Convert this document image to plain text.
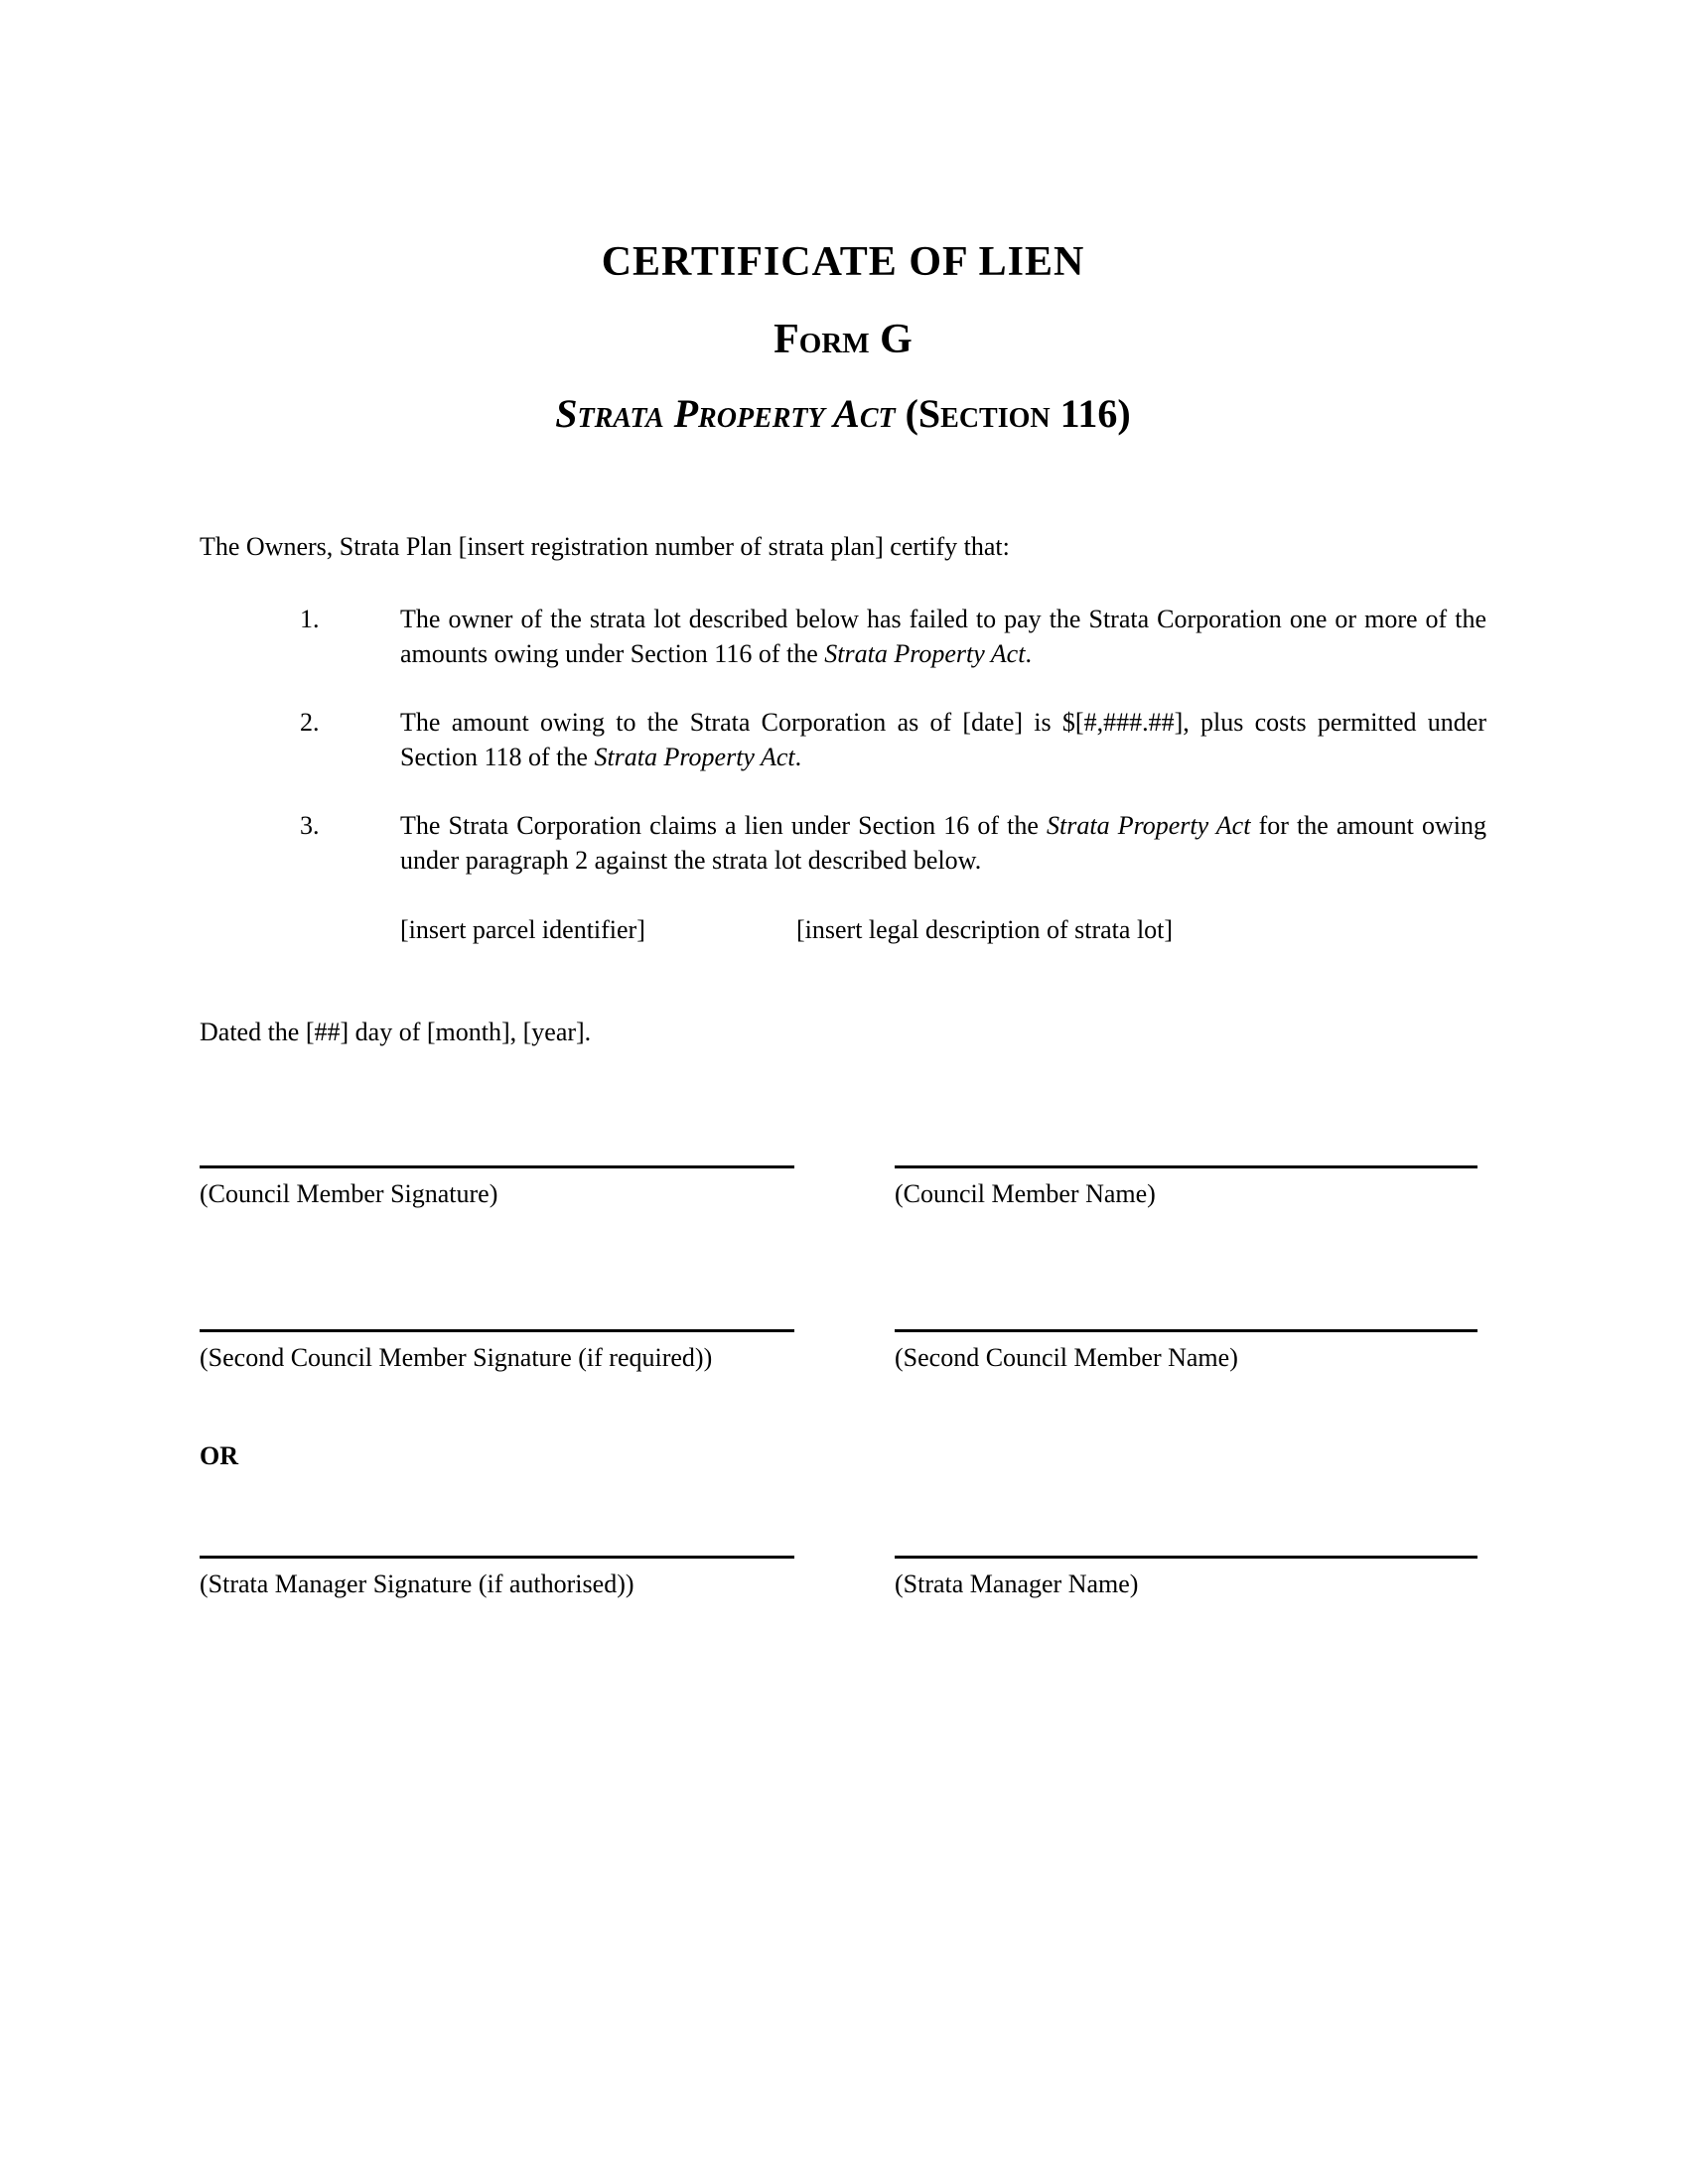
CERTIFICATE OF LIEN
Form G
Strata Property Act (Section 116)

The Owners, Strata Plan [insert registration number of strata plan] certify that:

1.	The owner of the strata lot described below has failed to pay the Strata Corporation one or more of the amounts owing under Section 116 of the Strata Property Act.
2.	The amount owing to the Strata Corporation as of [date] is $[#,###.##], plus costs permitted under Section 118 of the Strata Property Act.
3.	The Strata Corporation claims a lien under Section 16 of the Strata Property Act for the amount owing under paragraph 2 against the strata lot described below.
[insert parcel identifier]	[insert legal description of strata lot]

Dated the [##] day of [month], [year].

(Council Member Signature)	(Council Member Name)
(Second Council Member Signature (if required))	(Second Council Member Name)
OR
(Strata Manager Signature (if authorised))	(Strata Manager Name)
